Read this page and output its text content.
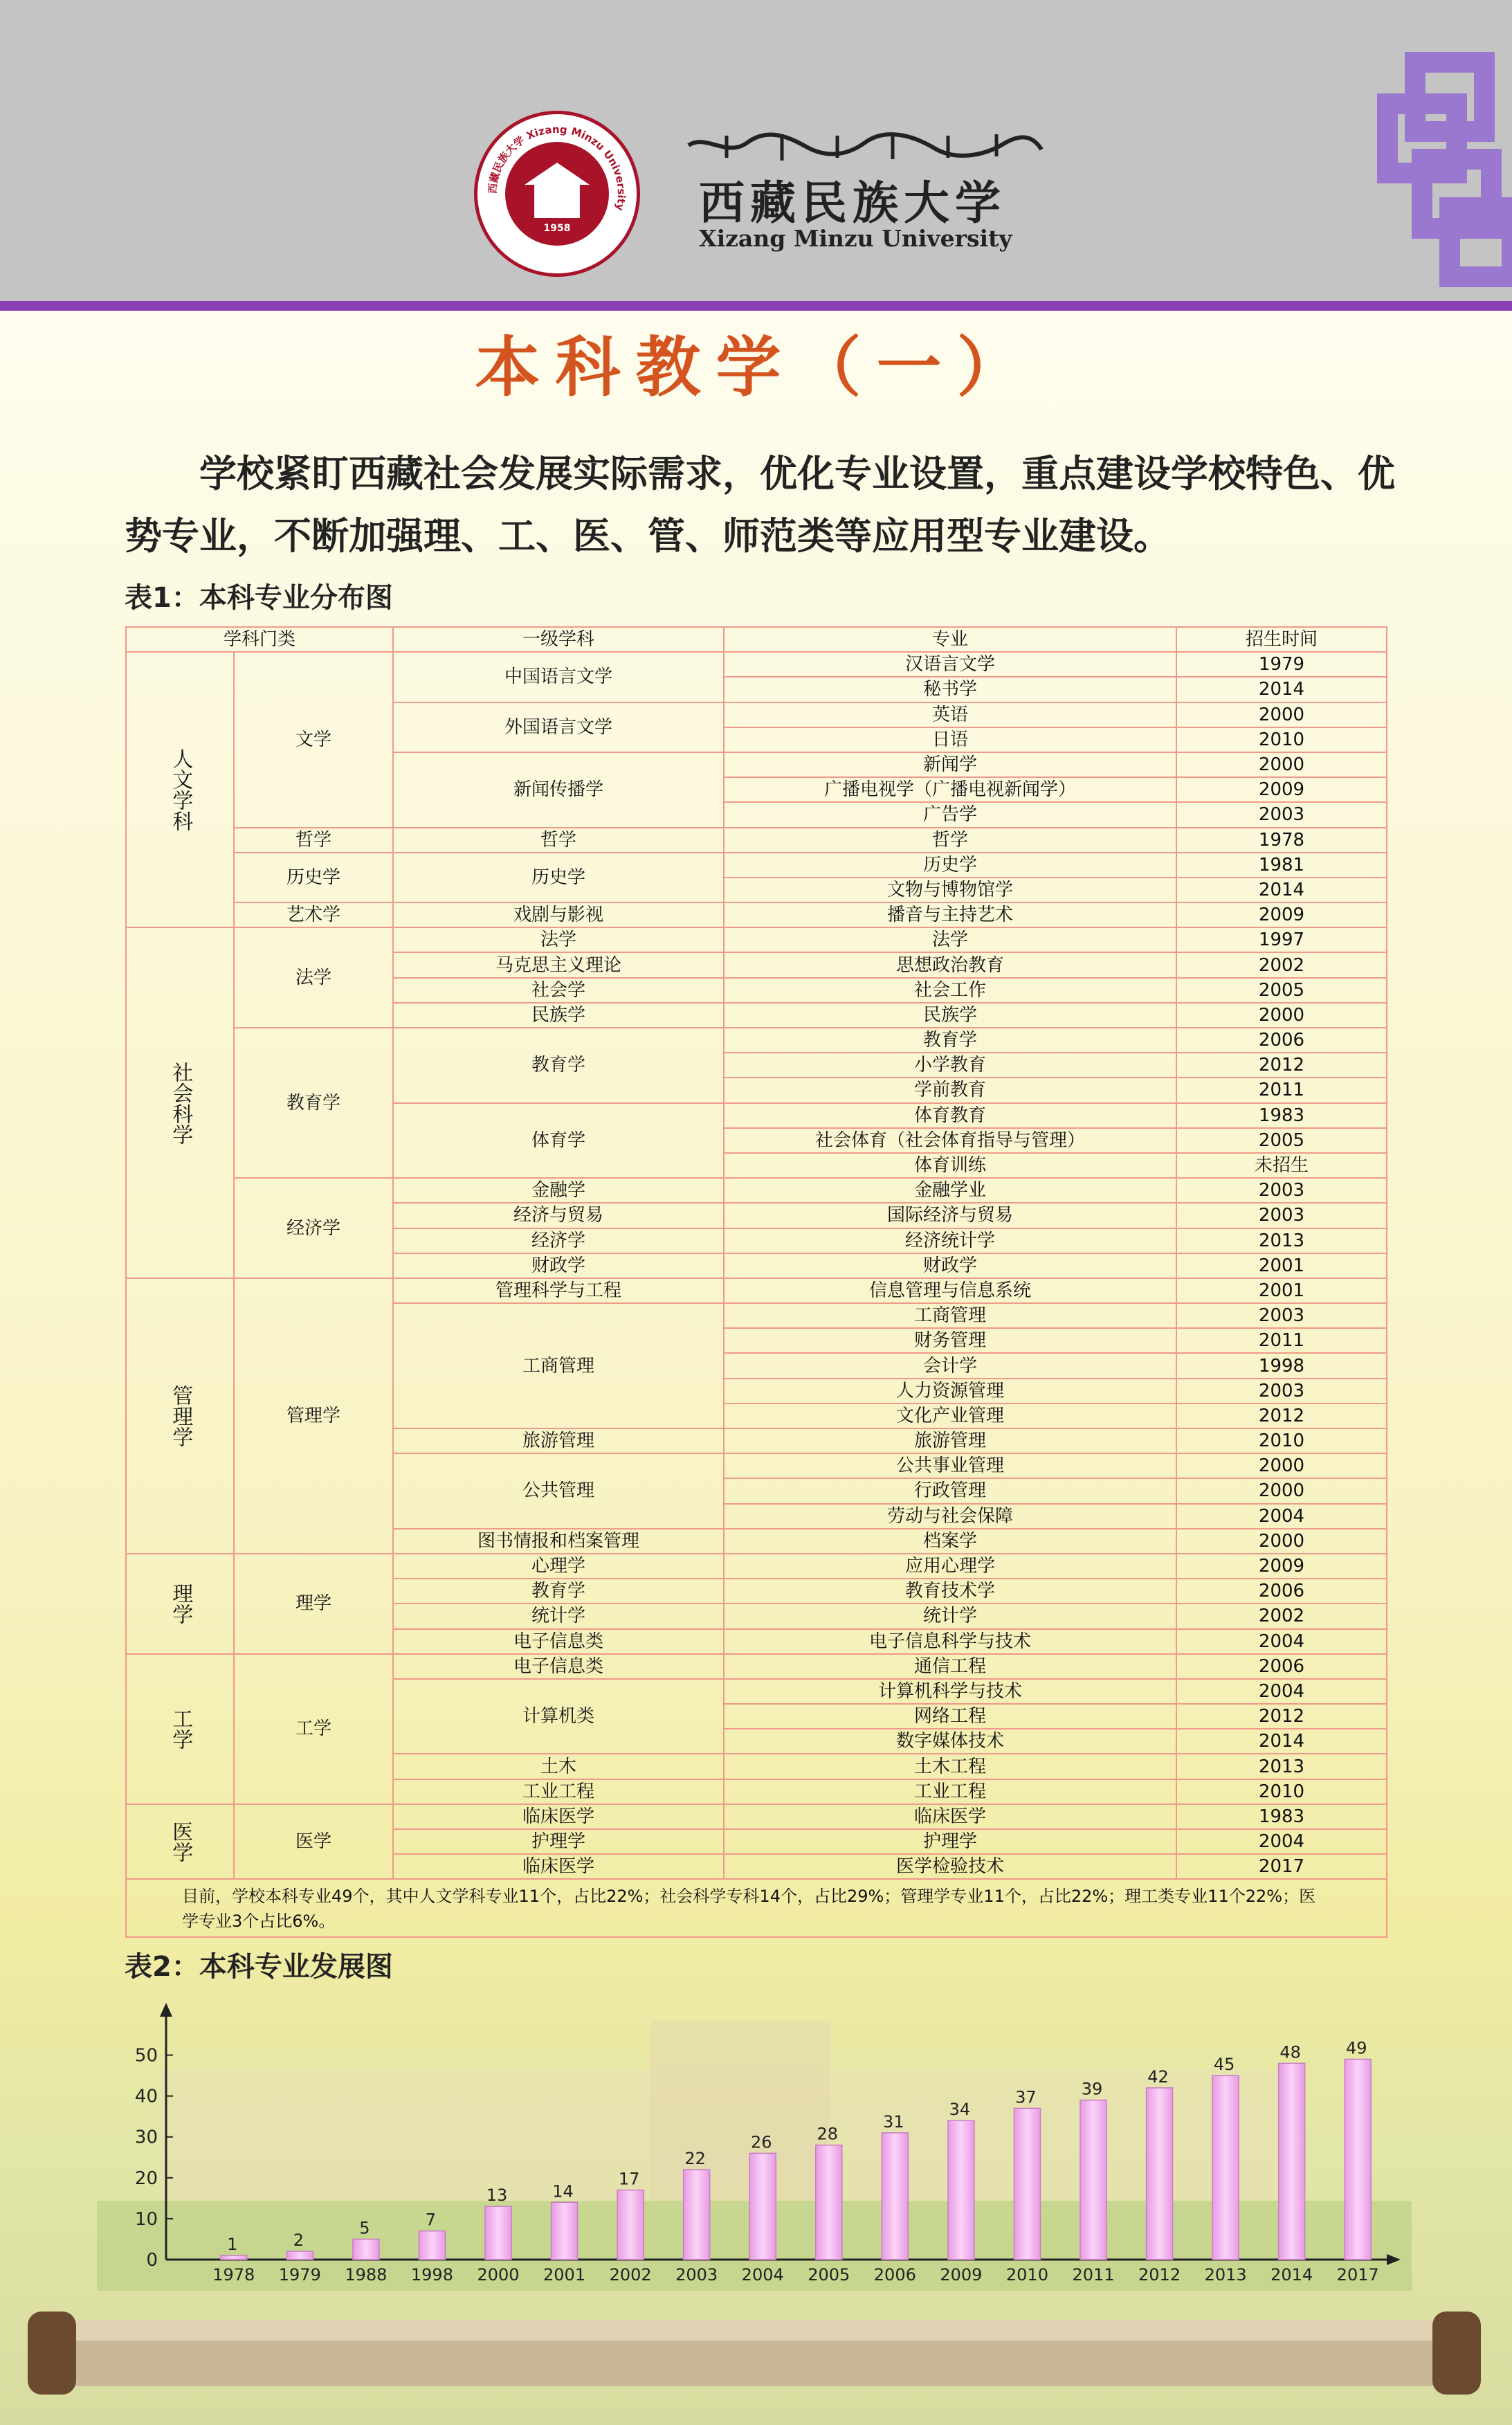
西藏民族大学 Xizang Minzu University
1958	西藏民族大学
Xizang Minzu University
本科教学（一）
学校紧盯西藏社会发展实际需求，优化专业设置，重点建设学校特色、优势专业，不断加强理、工、医、管、师范类等应用型专业建设。
表1：本科专业分布图
学科门类		一级学科	专业	招生时间
人文学科	文学	中国语言文学	汉语言文学	1979
			秘书学	2014
		外国语言文学	英语	2000
			日语	2010
		新闻传播学	新闻学	2000
			广播电视学（广播电视新闻学）	2009
			广告学	2003
	哲学	哲学	哲学	1978
	历史学	历史学	历史学	1981
			文物与博物馆学	2014
	艺术学	戏剧与影视	播音与主持艺术	2009
社会科学	法学	法学	法学	1997
		马克思主义理论	思想政治教育	2002
		社会学	社会工作	2005
		民族学	民族学	2000
	教育学	教育学	教育学	2006
			小学教育	2012
			学前教育	2011
		体育学	体育教育	1983
			社会体育（社会体育指导与管理）	2005
			体育训练	未招生
	经济学	金融学	金融学业	2003
		经济与贸易	国际经济与贸易	2003
		经济学	经济统计学	2013
		财政学	财政学	2001
管理学	管理学	管理科学与工程	信息管理与信息系统	2001
		工商管理	工商管理	2003
			财务管理	2011
			会计学	1998
			人力资源管理	2003
			文化产业管理	2012
		旅游管理	旅游管理	2010
		公共管理	公共事业管理	2000
			行政管理	2000
			劳动与社会保障	2004
		图书情报和档案管理	档案学	2000
理学	理学	心理学	应用心理学	2009
		教育学	教育技术学	2006
		统计学	统计学	2002
		电子信息类	电子信息科学与技术	2004
工学	工学	电子信息类	通信工程	2006
		计算机类	计算机科学与技术	2004
			网络工程	2012
			数字媒体技术	2014
		土木	土木工程	2013
		工业工程	工业工程	2010
医学	医学	临床医学	临床医学	1983
		护理学	护理学	2004
		临床医学	医学检验技术	2017
目前，学校本科专业49个，其中人文学科专业11个，占比22%；社会科学专科14个，占比29%；管理学专业11个，占比22%；理工类专业11个22%；医学专业3个占比6%。				
表2：本科专业发展图
0
10
20
30
40
50
1
1978
2
1979
5
1988
7
1998
13
2000
14
2001
17
2002
22
2003
26
2004
28
2005
31
2006
34
2009
37
2010
39
2011
42
2012
45
2013
48
2014
49
2017
